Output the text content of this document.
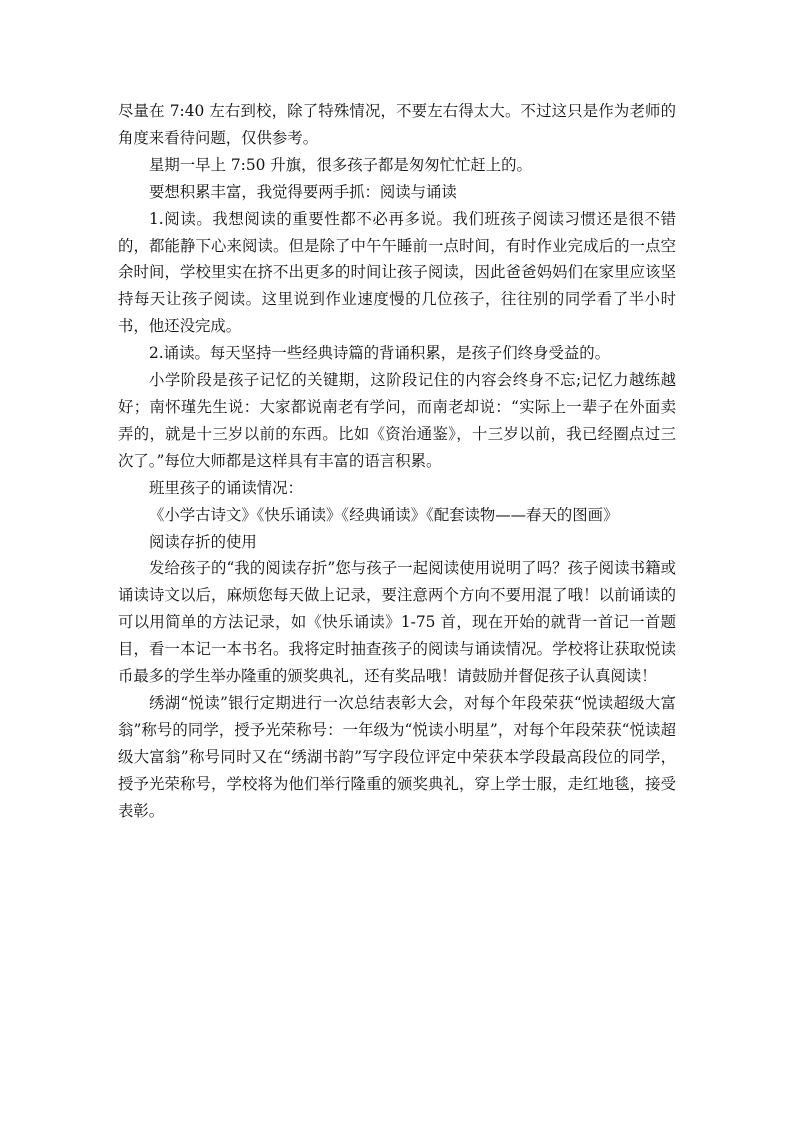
尽量在 7:40 左右到校，除了特殊情况，不要左右得太大。不过这只是作为老师的角度来看待问题，仅供参考。

星期一早上 7:50 升旗，很多孩子都是匆匆忙忙赶上的。

要想积累丰富，我觉得要两手抓：阅读与诵读

1.阅读。我想阅读的重要性都不必再多说。我们班孩子阅读习惯还是很不错的，都能静下心来阅读。但是除了中午午睡前一点时间，有时作业完成后的一点空余时间，学校里实在挤不出更多的时间让孩子阅读，因此爸爸妈妈们在家里应该坚持每天让孩子阅读。这里说到作业速度慢的几位孩子，往往别的同学看了半小时书，他还没完成。

2.诵读。每天坚持一些经典诗篇的背诵积累，是孩子们终身受益的。

小学阶段是孩子记忆的关键期，这阶段记住的内容会终身不忘;记忆力越练越好；南怀瑾先生说：大家都说南老有学问，而南老却说：“实际上一辈子在外面卖弄的，就是十三岁以前的东西。比如《资治通鉴》，十三岁以前，我已经圈点过三次了。”每位大师都是这样具有丰富的语言积累。

班里孩子的诵读情况：

《小学古诗文》《快乐诵读》《经典诵读》《配套读物——春天的图画》

阅读存折的使用

发给孩子的“我的阅读存折”您与孩子一起阅读使用说明了吗？孩子阅读书籍或诵读诗文以后，麻烦您每天做上记录，要注意两个方向不要用混了哦！以前诵读的可以用简单的方法记录，如《快乐诵读》1-75 首，现在开始的就背一首记一首题目，看一本记一本书名。我将定时抽查孩子的阅读与诵读情况。学校将让获取悦读币最多的学生举办隆重的颁奖典礼，还有奖品哦！请鼓励并督促孩子认真阅读！

绣湖“悦读”银行定期进行一次总结表彰大会，对每个年段荣获“悦读超级大富翁”称号的同学，授予光荣称号：一年级为“悦读小明星”，对每个年段荣获“悦读超级大富翁”称号同时又在“绣湖书韵”写字段位评定中荣获本学段最高段位的同学，授予光荣称号，学校将为他们举行隆重的颁奖典礼，穿上学士服，走红地毯，接受表彰。
